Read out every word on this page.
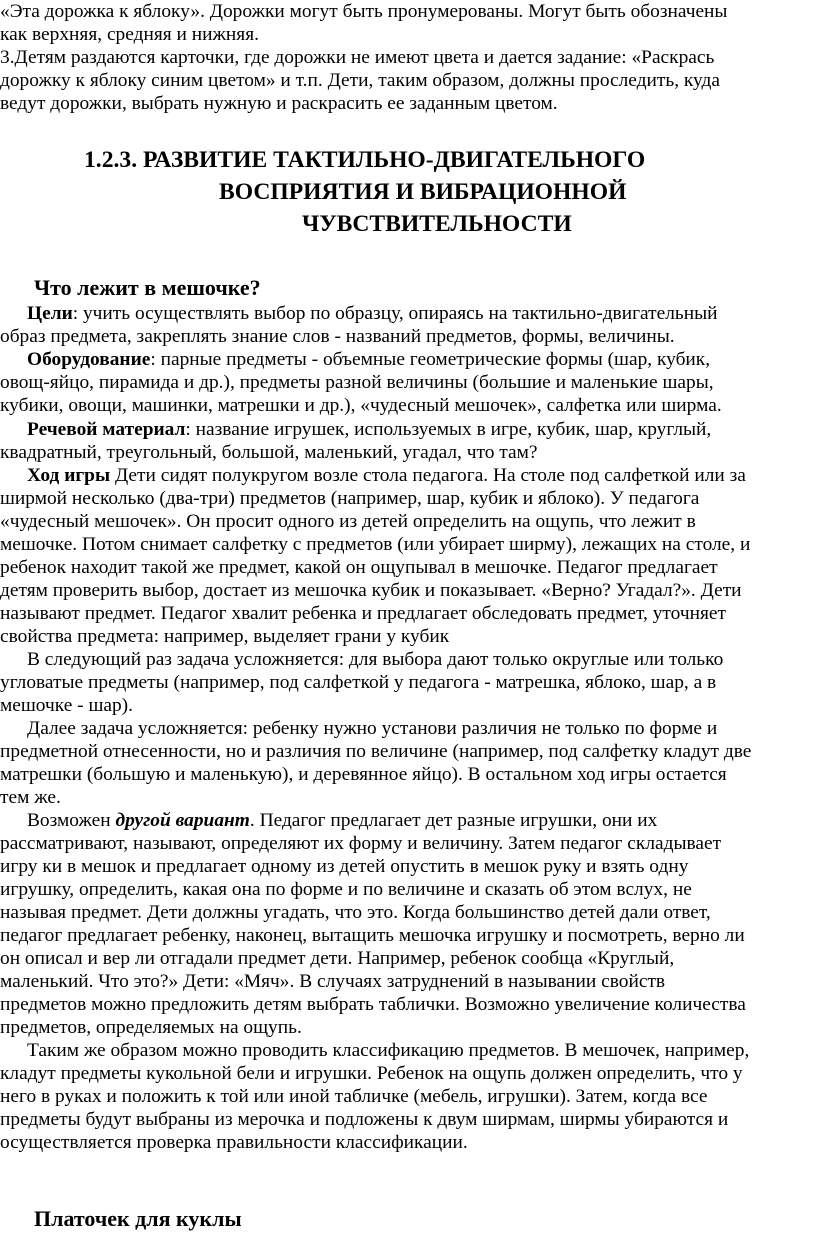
«Эта дорожка к яблоку». Дорожки могут быть пронумерованы. Могут быть обозначены
как верхняя, средняя и нижняя.
3.Детям раздаются карточки, где дорожки не имеют цвета и дается задание: «Раскрась
дорожку к яблоку синим цветом» и т.п. Дети, таким образом, должны проследить, куда
ведут дорожки, выбрать нужную и раскрасить ее заданным цветом.
1.2.3. РАЗВИТИЕ ТАКТИЛЬНО-ДВИГАТЕЛЬНОГО
ВОСПРИЯТИЯ И ВИБРАЦИОННОЙ
ЧУВСТВИТЕЛЬНОСТИ
Что лежит в мешочке?
Цели: учить осуществлять выбор по образцу, опираясь на тактильно-двигательный
образ предмета, закреплять знание слов - названий предметов, формы, величины.
Оборудование: парные предметы - объемные геометрические формы (шар, кубик,
овощ-яйцо, пирамида и др.), предметы разной величины (большие и маленькие шары,
кубики, овощи, машинки, матрешки и др.), «чудесный мешочек», салфетка или ширма.
Речевой материал: название игрушек, используемых в игре, кубик, шар, круглый,
квадратный, треугольный, большой, маленький, угадал, что там?
Ход игры Дети сидят полукругом возле стола педагога. На столе под салфеткой или за
ширмой несколько (два-три) предметов (например, шар, кубик и яблоко). У педагога
«чудесный мешочек». Он просит одного из детей определить на ощупь, что лежит в
мешочке. Потом снимает салфетку с предметов (или убирает ширму), лежащих на столе, и
ребенок находит такой же предмет, какой он ощупывал в мешочке. Педагог предлагает
детям проверить выбор, достает из мешочка кубик и показывает. «Верно? Угадал?». Дети
называют предмет. Педагог хвалит ребенка и предлагает обследовать предмет, уточняет
свойства предмета: например, выделяет грани у кубик
В следующий раз задача усложняется: для выбора дают только округлые или только
угловатые предметы (например, под салфеткой у педагога - матрешка, яблоко, шар, а в
мешочке - шар).
Далее задача усложняется: ребенку нужно установи различия не только по форме и
предметной отнесенности, но и различия по величине (например, под салфетку кладут две
матрешки (большую и маленькую), и деревянное яйцо). В остальном ход игры остается
тем же.
Возможен другой вариант. Педагог предлагает дет разные игрушки, они их
рассматривают, называют, определяют их форму и величину. Затем педагог складывает
игру ки в мешок и предлагает одному из детей опустить в мешок руку и взять одну
игрушку, определить, какая она по форме и по величине и сказать об этом вслух, не
называя предмет. Дети должны угадать, что это. Когда большинство детей дали ответ,
педагог предлагает ребенку, наконец, вытащить мешочка игрушку и посмотреть, верно ли
он описал и вер ли отгадали предмет дети. Например, ребенок сообща «Круглый,
маленький. Что это?» Дети: «Мяч». В случаях затруднений в назывании свойств
предметов можно предложить детям выбрать таблички. Возможно увеличение количества
предметов, определяемых на ощупь.
Таким же образом можно проводить классификацию предметов. В мешочек, например,
кладут предметы кукольной бели и игрушки. Ребенок на ощупь должен определить, что у
него в руках и положить к той или иной табличке (мебель, игрушки). Затем, когда все
предметы будут выбраны из мерочка и подложены к двум ширмам, ширмы убираются и
осуществляется проверка правильности классификации.
Платочек для куклы
